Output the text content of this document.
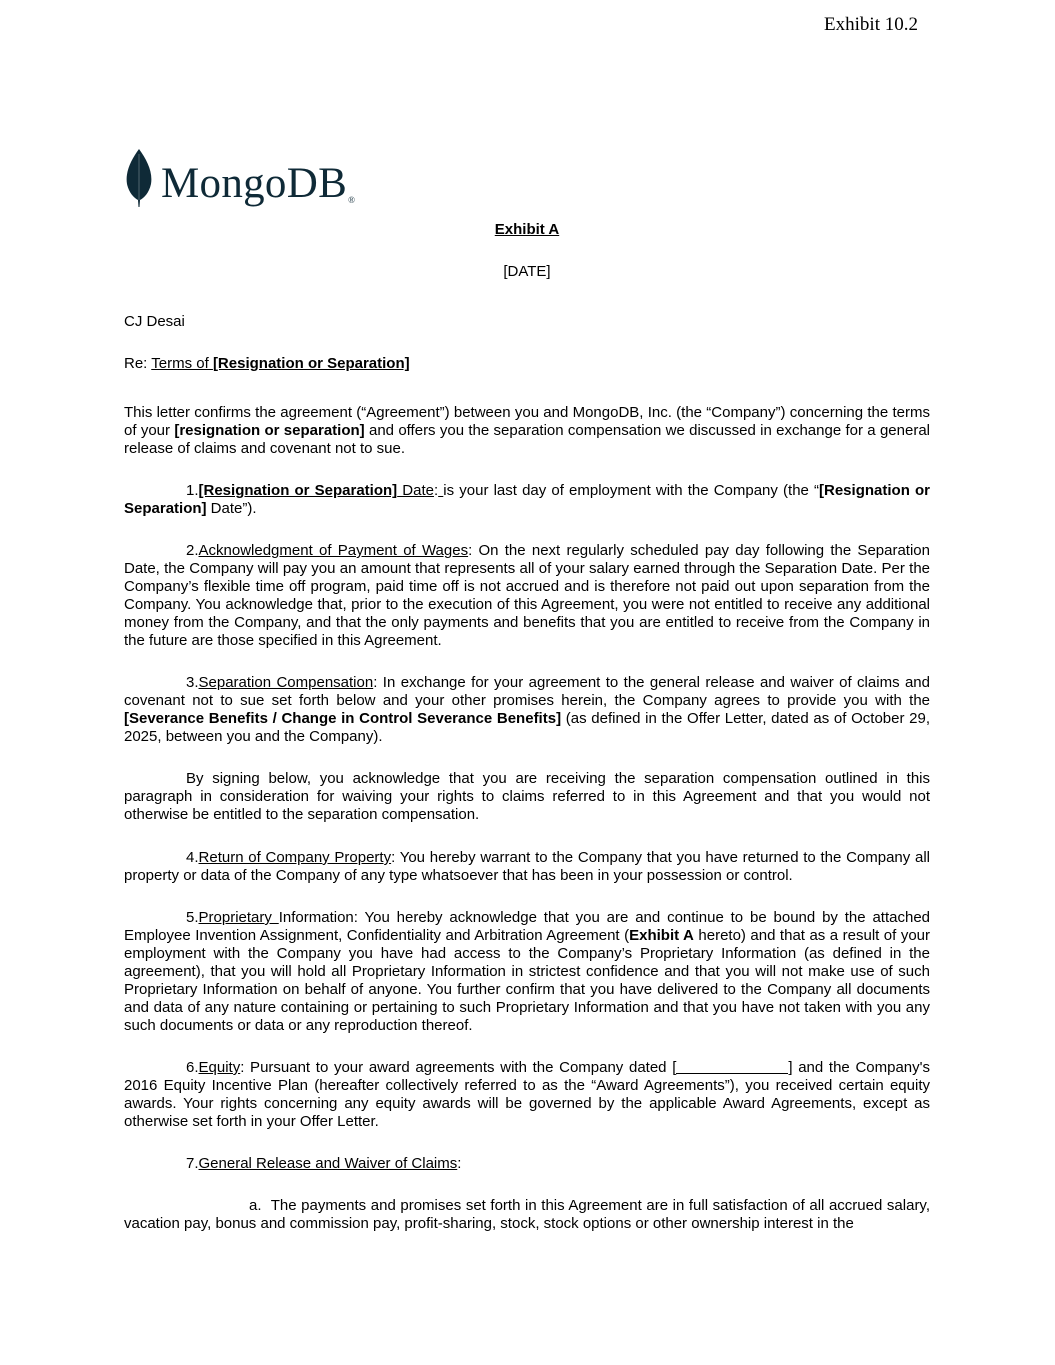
Exhibit 10.2

MongoDB®

Exhibit A

[DATE]

CJ Desai

Re: Terms of [Resignation or Separation]

This letter confirms the agreement (“Agreement”) between you and MongoDB, Inc. (the “Company”) concerning the terms of your [resignation or separation] and offers you the separation compensation we discussed in exchange for a general release of claims and covenant not to sue.

1.[Resignation or Separation] Date: is your last day of employment with the Company (the “[Resignation or Separation] Date”).

2.Acknowledgment of Payment of Wages: On the next regularly scheduled pay day following the Separation Date, the Company will pay you an amount that represents all of your salary earned through the Separation Date. Per the Company’s flexible time off program, paid time off is not accrued and is therefore not paid out upon separation from the Company. You acknowledge that, prior to the execution of this Agreement, you were not entitled to receive any additional money from the Company, and that the only payments and benefits that you are entitled to receive from the Company in the future are those specified in this Agreement.

3.Separation Compensation: In exchange for your agreement to the general release and waiver of claims and covenant not to sue set forth below and your other promises herein, the Company agrees to provide you with the [Severance Benefits / Change in Control Severance Benefits] (as defined in the Offer Letter, dated as of October 29, 2025, between you and the Company).

By signing below, you acknowledge that you are receiving the separation compensation outlined in this paragraph in consideration for waiving your rights to claims referred to in this Agreement and that you would not otherwise be entitled to the separation compensation.

4.Return of Company Property: You hereby warrant to the Company that you have returned to the Company all property or data of the Company of any type whatsoever that has been in your possession or control.

5.Proprietary Information: You hereby acknowledge that you are and continue to be bound by the attached Employee Invention Assignment, Confidentiality and Arbitration Agreement (Exhibit A hereto) and that as a result of your employment with the Company you have had access to the Company’s Proprietary Information (as defined in the agreement), that you will hold all Proprietary Information in strictest confidence and that you will not make use of such Proprietary Information on behalf of anyone. You further confirm that you have delivered to the Company all documents and data of any nature containing or pertaining to such Proprietary Information and that you have not taken with you any such documents or data or any reproduction thereof.

6.Equity: Pursuant to your award agreements with the Company dated [	] and the Company's 2016 Equity Incentive Plan (hereafter collectively referred to as the “Award Agreements”), you received certain equity awards. Your rights concerning any equity awards will be governed by the applicable Award Agreements, except as otherwise set forth in your Offer Letter.

7.General Release and Waiver of Claims:

a. The payments and promises set forth in this Agreement are in full satisfaction of all accrued salary, vacation pay, bonus and commission pay, profit-sharing, stock, stock options or other ownership interest in the
